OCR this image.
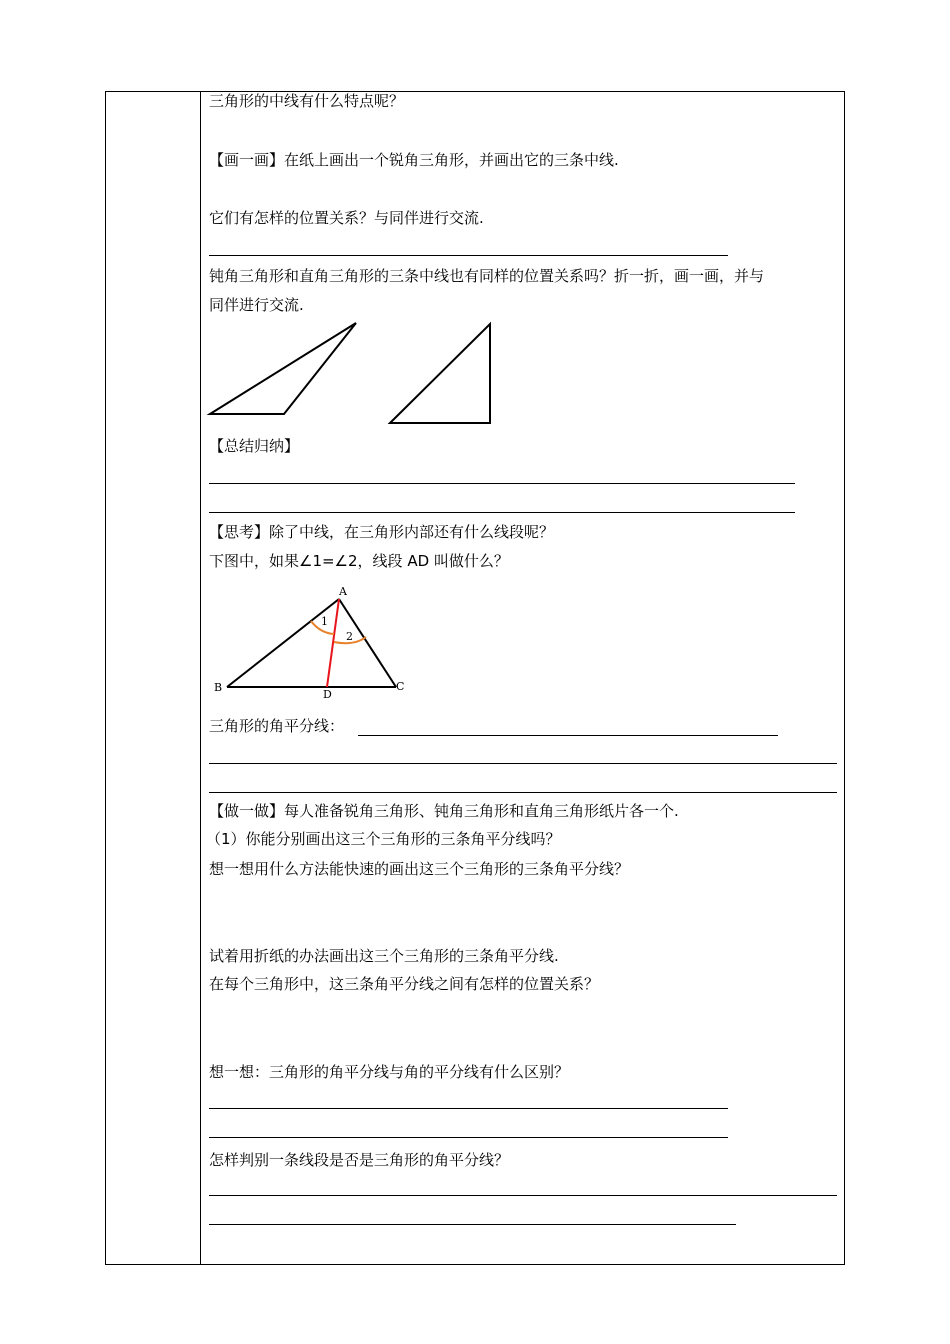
三角形的中线有什么特点呢？
【画一画】在纸上画出一个锐角三角形，并画出它的三条中线.
它们有怎样的位置关系？与同伴进行交流.
钝角三角形和直角三角形的三条中线也有同样的位置关系吗？折一折，画一画，并与
同伴进行交流.
【总结归纳】
【思考】除了中线，在三角形内部还有什么线段呢？
下图中，如果∠1=∠2，线段 AD 叫做什么？
A
B	C
D
1
2
三角形的角平分线：
【做一做】每人准备锐角三角形、钝角三角形和直角三角形纸片各一个.
（1）你能分别画出这三个三角形的三条角平分线吗？
想一想用什么方法能快速的画出这三个三角形的三条角平分线？
试着用折纸的办法画出这三个三角形的三条角平分线.
在每个三角形中，这三条角平分线之间有怎样的位置关系？
想一想：三角形的角平分线与角的平分线有什么区别？
怎样判别一条线段是否是三角形的角平分线？
